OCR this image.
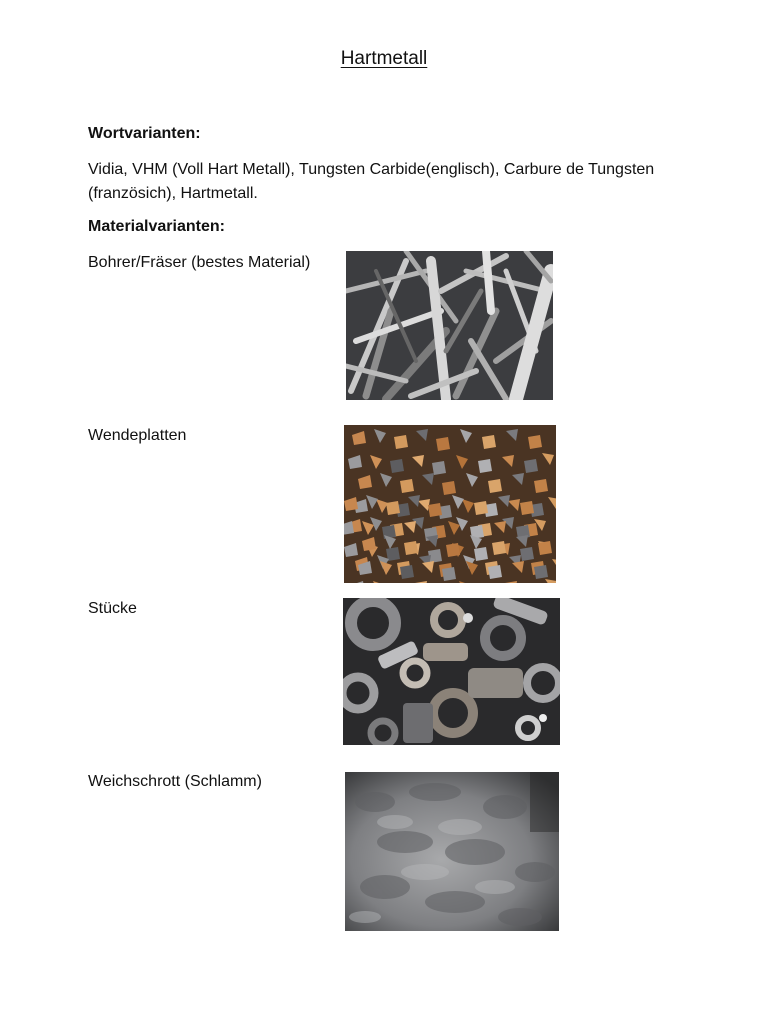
Hartmetall
Wortvarianten:
Vidia, VHM (Voll Hart Metall), Tungsten Carbide(englisch), Carbure de Tungsten (französich), Hartmetall.
Materialvarianten:
Bohrer/Fräser (bestes Material)
Wendeplatten
Stücke
Weichschrott (Schlamm)
